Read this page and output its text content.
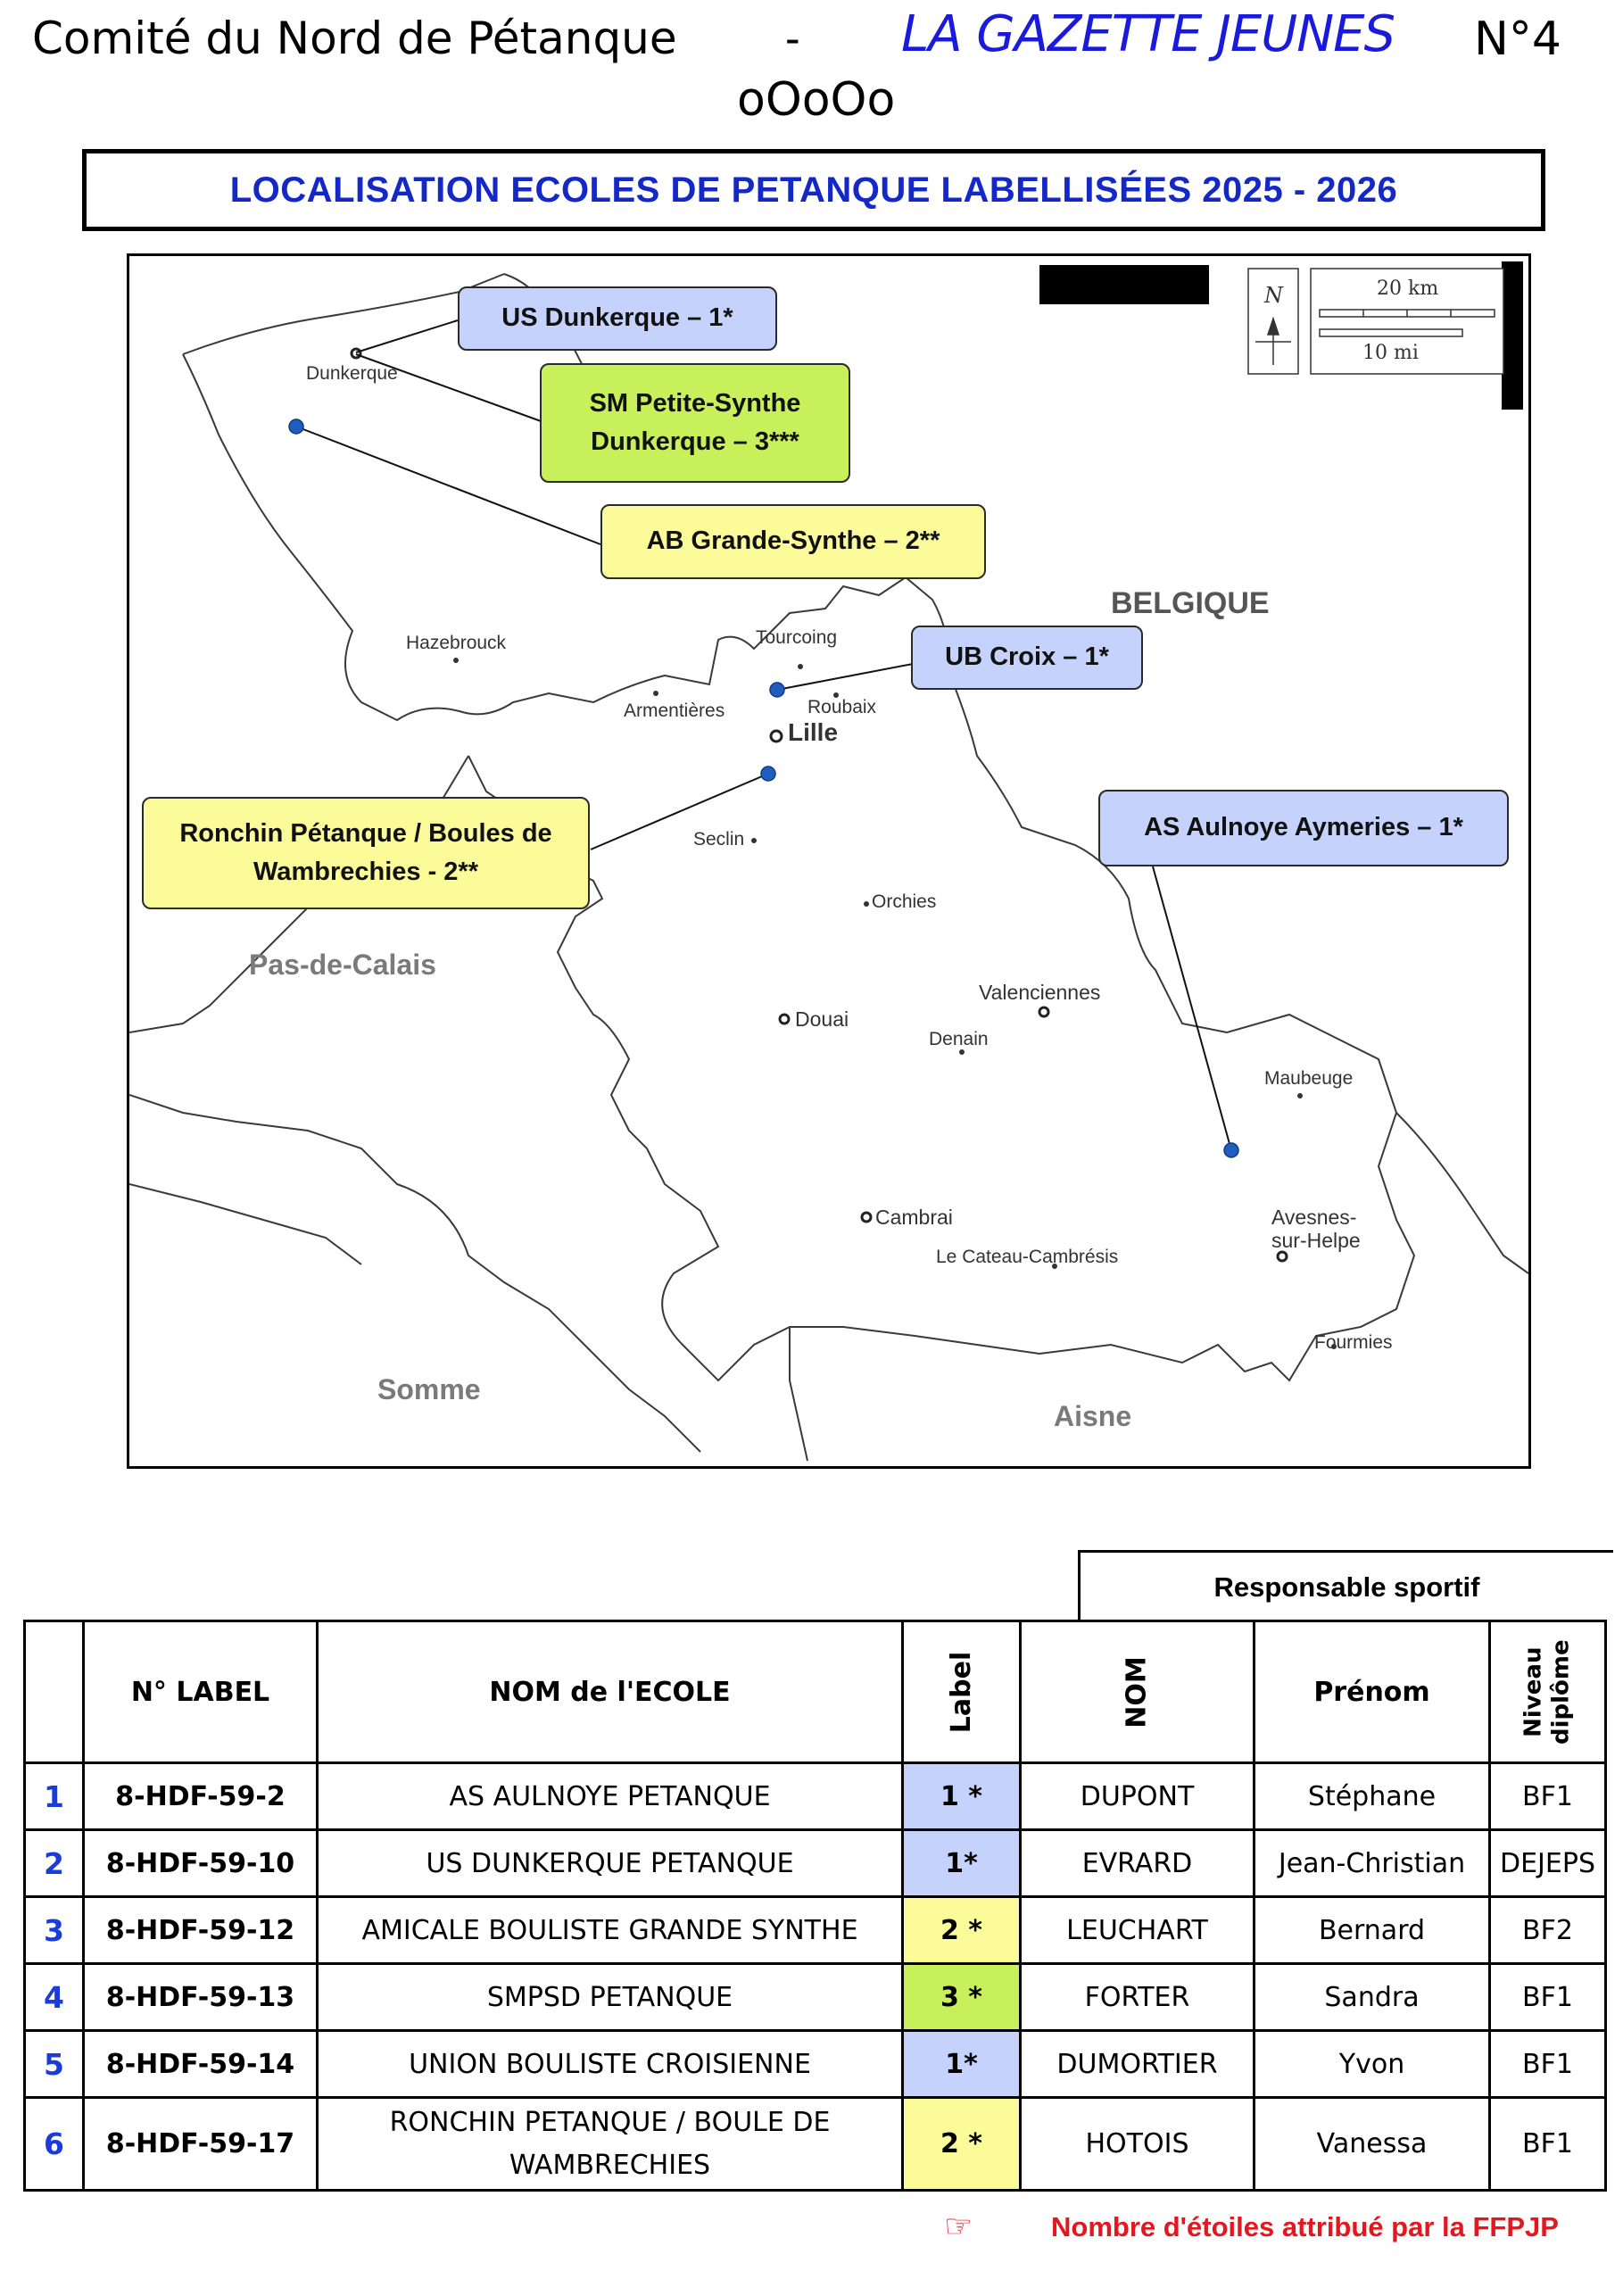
Comité du Nord de Pétanque - LA GAZETTE JEUNES N°4
oOoOo
LOCALISATION ECOLES DE PETANQUE LABELLISÉES 2025 - 2026
N	20 km
10 mi
BELGIQUE
Pas-de-Calais
Somme
Aisne
Dunkerque
Hazebrouck	Tourcoing
Armentières	Roubaix
Lille
Seclin
Orchies
Valenciennes
Douai
Denain
Maubeuge
Cambrai	Avesnes-
sur-Helpe
Le Cateau-Cambrésis
Fourmies
US Dunkerque – 1*
SM Petite-Synthe
Dunkerque – 3***
AB Grande-Synthe – 2**
UB Croix – 1*
Ronchin Pétanque / Boules de
Wambrechies - 2**
AS Aulnoye Aymeries – 1*
Responsable sportif
	N° LABEL	NOM de l'ECOLE	Label	NOM	Prénom	Niveau
diplôme
1	8-HDF-59-2	AS AULNOYE PETANQUE	1 *	DUPONT	Stéphane	BF1
2	8-HDF-59-10	US DUNKERQUE PETANQUE	1*	EVRARD	Jean-Christian	DEJEPS
3	8-HDF-59-12	AMICALE BOULISTE GRANDE SYNTHE	2 *	LEUCHART	Bernard	BF2
4	8-HDF-59-13	SMPSD PETANQUE	3 *	FORTER	Sandra	BF1
5	8-HDF-59-14	UNION BOULISTE CROISIENNE	1*	DUMORTIER	Yvon	BF1
6	8-HDF-59-17	RONCHIN PETANQUE / BOULE DE
WAMBRECHIES	2 *	HOTOIS	Vanessa	BF1
☞	Nombre d'étoiles attribué par la FFPJP
